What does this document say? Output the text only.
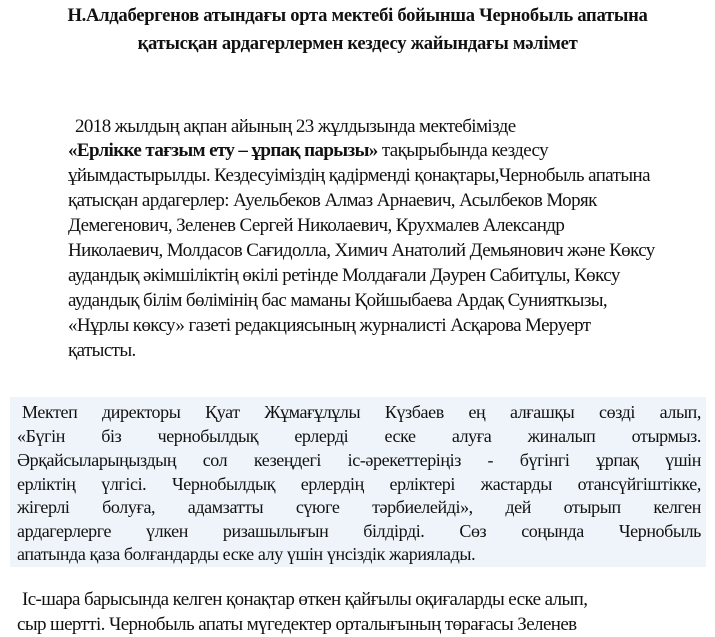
Н.Алдабергенов атындағы орта мектебі бойынша Чернобыль апатына
қатысқан ардагерлермен кездесу жайындағы мәлімет
2018 жылдың ақпан айының 23 жұлдызында мектебімізде
«Ерлікке тағзым ету – ұрпақ парызы» тақырыбында кездесу
ұйымдастырылды. Кездесуіміздің қадірменді қонақтары,Чернобыль апатына
қатысқан ардагерлер: Ауельбеков Алмаз Арнаевич, Асылбеков Моряк
Демегенович, Зеленев Сергей Николаевич, Крухмалев Александр
Николаевич, Молдасов Сағидолла, Химич Анатолий Демьянович және Көксу
аудандық әкімшіліктің өкілі ретінде Молдағали Дәурен Сабитұлы, Көксу
аудандық білім бөлімінің бас маманы Қойшыбаева Ардақ Сунияткызы,
«Нұрлы көксу» газеті редакциясының журналисті Асқарова Меруерт
қатысты.
Мектеп директоры Қуат Жұмағұлұлы Күзбаев ең алғашқы сөзді алып,
«Бүгін біз чернобылдық ерлерді еске алуға жиналып отырмыз.
Әрқайсыларыңыздың сол кезеңдегі іс-әрекеттеріңіз - бүгінгі ұрпақ үшін
ерліктің үлгісі. Чернобылдық ерлердің ерліктері жастарды отансүйгіштікке,
жігерлі болуға, адамзатты сүюге тәрбиелейді», дей отырып келген
ардагерлерге үлкен ризашылығын білдірді. Сөз соңында Чернобыль
апатында қаза болғандарды еске алу үшін үнсіздік жариялады.
Іс-шара барысында келген қонақтар өткен қайғылы оқиғаларды еске алып,
сыр шертті. Чернобыль апаты мүгедектер орталығының төрағасы Зеленев
